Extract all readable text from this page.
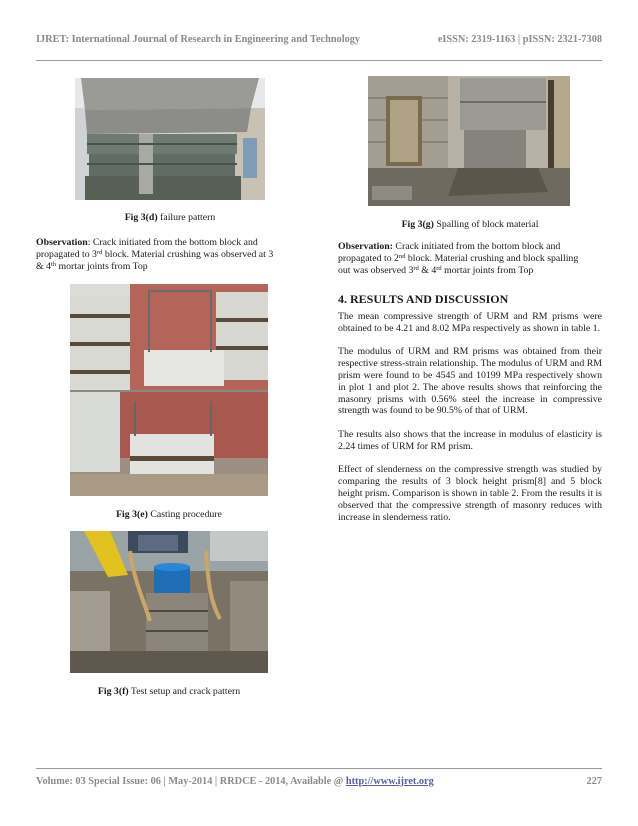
IJRET: International Journal of Research in Engineering and Technology	eISSN: 2319-1163 | pISSN: 2321-7308
Fig 3(d) failure pattern

Observation: Crack initiated from the bottom block and

propagated to 3rd block. Material crushing was observed at 3

& 4th mortar joints from Top

Fig 3(e) Casting procedure
Fig 3(f) Test setup and crack pattern
Fig 3(g) Spalling of block material

Observation: Crack initiated from the bottom block and

propagated to 2nd block. Material crushing and block spalling

out was observed 3rd & 4rd mortar joints from Top

4. RESULTS AND DISCUSSION

The mean compressive strength of URM and RM prisms were obtained to be 4.21 and 8.02 MPa respectively as shown in table 1.

The modulus of URM and RM prisms was obtained from their respective stress-strain relationship. The modulus of URM and RM prism were found to be 4545 and 10199 MPa respectively shown in plot 1 and plot 2. The above results shows that reinforcing the masonry prisms with 0.56% steel the increase in compressive strength was found to be 90.5% of that of URM.

The results also shows that the increase in modulus of elasticity is 2.24 times of URM for RM prism.

Effect of slenderness on the compressive strength was studied by comparing the results of 3 block height prism[8] and 5 block height prism. Comparison is shown in table 2. From the results it is observed that the compressive strength of masonry reduces with increase in slenderness ratio.

Volume: 03 Special Issue: 06 | May-2014 | RRDCE - 2014, Available @ http://www.ijret.org	227
